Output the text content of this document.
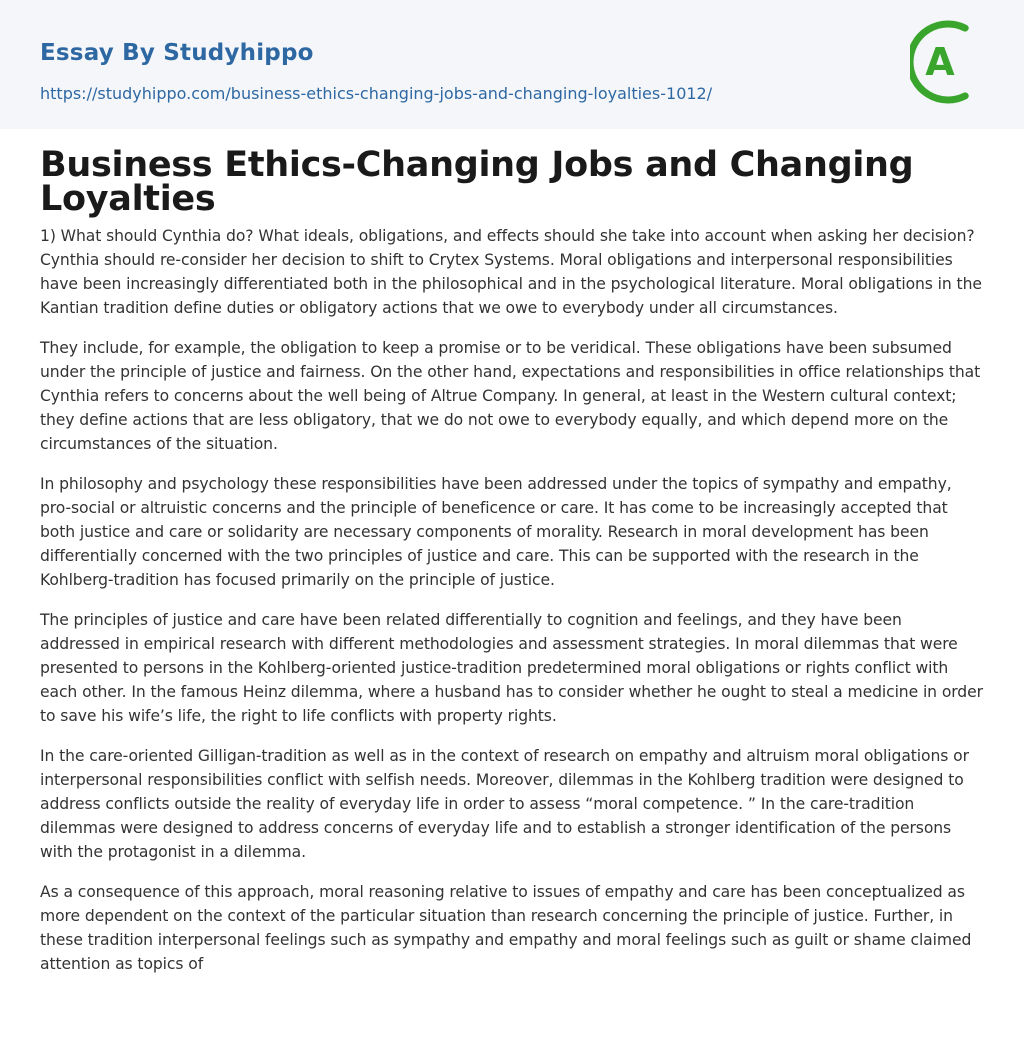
Essay By Studyhippo
https://studyhippo.com/business-ethics-changing-jobs-and-changing-loyalties-1012/
A
Business Ethics-Changing Jobs and Changing Loyalties

1) What should Cynthia do? What ideals, obligations, and effects should she take into account when asking her decision? Cynthia should re-consider her decision to shift to Crytex Systems. Moral obligations and interpersonal responsibilities have been increasingly differentiated both in the philosophical and in the psychological literature. Moral obligations in the Kantian tradition define duties or obligatory actions that we owe to everybody under all circumstances.

They include, for example, the obligation to keep a promise or to be veridical. These obligations have been subsumed under the principle of justice and fairness. On the other hand, expectations and responsibilities in office relationships that Cynthia refers to concerns about the well being of Altrue Company. In general, at least in the Western cultural context; they define actions that are less obligatory, that we do not owe to everybody equally, and which depend more on the circumstances of the situation.

In philosophy and psychology these responsibilities have been addressed under the topics of sympathy and empathy, pro-social or altruistic concerns and the principle of beneficence or care. It has come to be increasingly accepted that both justice and care or solidarity are necessary components of morality. Research in moral development has been differentially concerned with the two principles of justice and care. This can be supported with the research in the Kohlberg-tradition has focused primarily on the principle of justice.

The principles of justice and care have been related differentially to cognition and feelings, and they have been addressed in empirical research with different methodologies and assessment strategies. In moral dilemmas that were presented to persons in the Kohlberg-oriented justice-tradition predetermined moral obligations or rights conflict with each other. In the famous Heinz dilemma, where a husband has to consider whether he ought to steal a medicine in order to save his wife’s life, the right to life conflicts with property rights.

In the care-oriented Gilligan-tradition as well as in the context of research on empathy and altruism moral obligations or interpersonal responsibilities conflict with selfish needs. Moreover, dilemmas in the Kohlberg tradition were designed to address conflicts outside the reality of everyday life in order to assess “moral competence. ” In the care-tradition dilemmas were designed to address concerns of everyday life and to establish a stronger identification of the persons with the protagonist in a dilemma.

As a consequence of this approach, moral reasoning relative to issues of empathy and care has been conceptualized as more dependent on the context of the particular situation than research concerning the principle of justice. Further, in these tradition interpersonal feelings such as sympathy and empathy and moral feelings such as guilt or shame claimed attention as topics of
